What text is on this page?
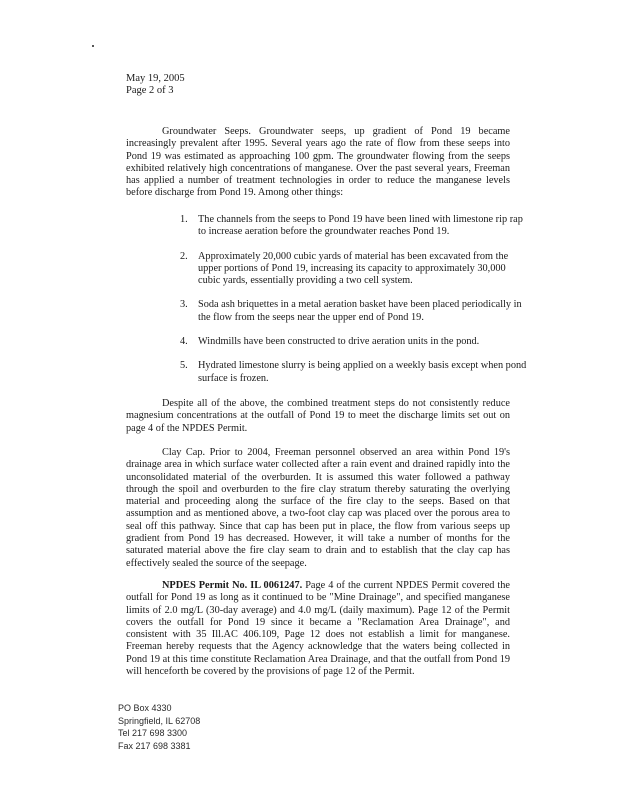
May 19, 2005
Page 2 of 3
Groundwater Seeps. Groundwater seeps, up gradient of Pond 19 became increasingly prevalent after 1995. Several years ago the rate of flow from these seeps into Pond 19 was estimated as approaching 100 gpm. The groundwater flowing from the seeps exhibited relatively high concentrations of manganese. Over the past several years, Freeman has applied a number of treatment technologies in order to reduce the manganese levels before discharge from Pond 19. Among other things:
1. The channels from the seeps to Pond 19 have been lined with limestone rip rap to increase aeration before the groundwater reaches Pond 19.
2. Approximately 20,000 cubic yards of material has been excavated from the upper portions of Pond 19, increasing its capacity to approximately 30,000 cubic yards, essentially providing a two cell system.
3. Soda ash briquettes in a metal aeration basket have been placed periodically in the flow from the seeps near the upper end of Pond 19.
4. Windmills have been constructed to drive aeration units in the pond.
5. Hydrated limestone slurry is being applied on a weekly basis except when pond surface is frozen.
Despite all of the above, the combined treatment steps do not consistently reduce magnesium concentrations at the outfall of Pond 19 to meet the discharge limits set out on page 4 of the NPDES Permit.
Clay Cap. Prior to 2004, Freeman personnel observed an area within Pond 19's drainage area in which surface water collected after a rain event and drained rapidly into the unconsolidated material of the overburden. It is assumed this water followed a pathway through the spoil and overburden to the fire clay stratum thereby saturating the overlying material and proceeding along the surface of the fire clay to the seeps. Based on that assumption and as mentioned above, a two-foot clay cap was placed over the porous area to seal off this pathway. Since that cap has been put in place, the flow from various seeps up gradient from Pond 19 has decreased. However, it will take a number of months for the saturated material above the fire clay seam to drain and to establish that the clay cap has effectively sealed the source of the seepage.
NPDES Permit No. IL 0061247. Page 4 of the current NPDES Permit covered the outfall for Pond 19 as long as it continued to be "Mine Drainage", and specified manganese limits of 2.0 mg/L (30-day average) and 4.0 mg/L (daily maximum). Page 12 of the Permit covers the outfall for Pond 19 since it became a "Reclamation Area Drainage", and consistent with 35 Ill.AC 406.109, Page 12 does not establish a limit for manganese. Freeman hereby requests that the Agency acknowledge that the waters being collected in Pond 19 at this time constitute Reclamation Area Drainage, and that the outfall from Pond 19 will henceforth be covered by the provisions of page 12 of the Permit.
PO Box 4330
Springfield, IL 62708
Tel 217 698 3300
Fax 217 698 3381
